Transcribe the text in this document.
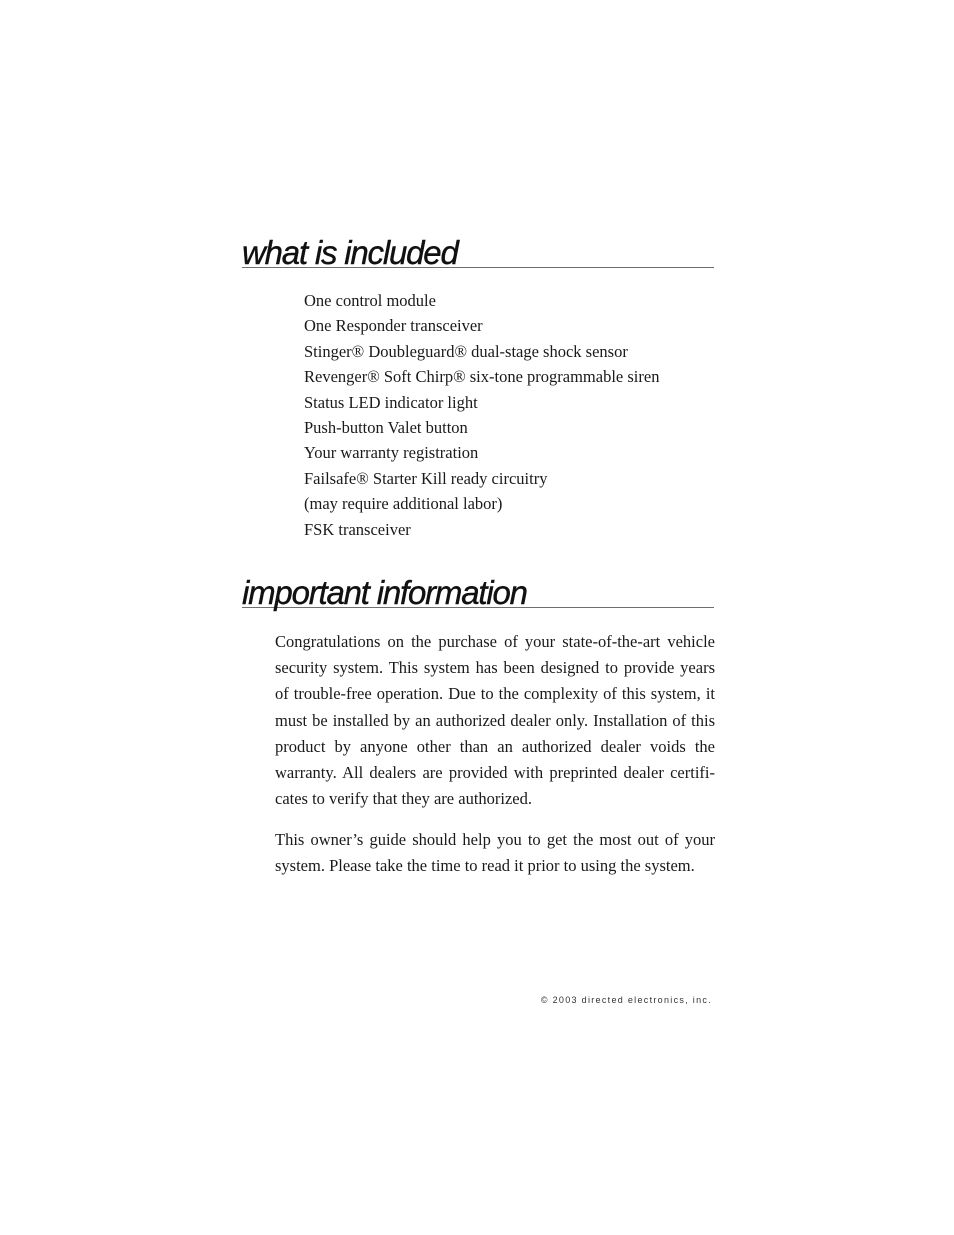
what is included
One control module
One Responder transceiver
Stinger® Doubleguard® dual-stage shock sensor
Revenger® Soft Chirp® six-tone programmable siren
Status LED indicator light
Push-button Valet button
Your warranty registration
Failsafe® Starter Kill ready circuitry
(may require additional labor)
FSK transceiver
important information

Congratulations on the purchase of your state-of-the-art vehicle security system. This system has been designed to provide years of trouble-free operation. Due to the complexity of this system, it must be installed by an authorized dealer only. Installation of this product by anyone other than an authorized dealer voids the warranty. All dealers are provided with preprinted dealer certificates to verify that they are authorized.

This owner’s guide should help you to get the most out of your system. Please take the time to read it prior to using the system.

© 2003 directed electronics, inc.
